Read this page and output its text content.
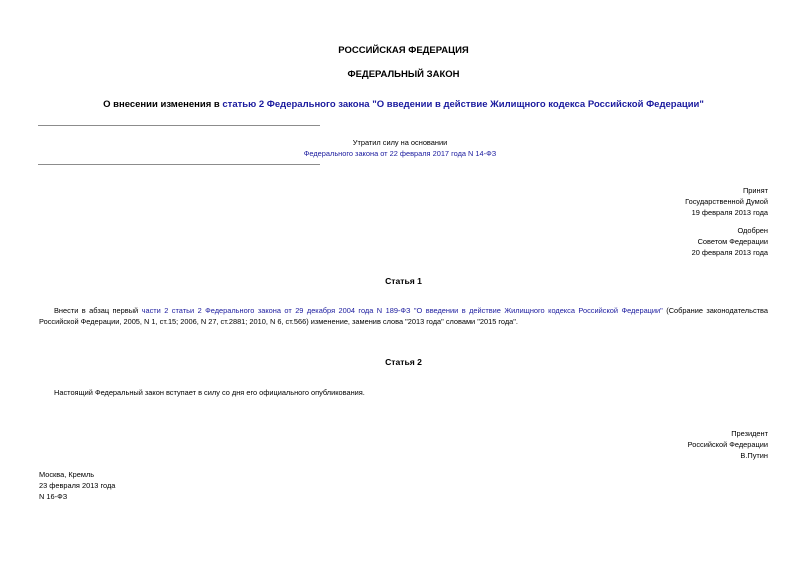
РОССИЙСКАЯ ФЕДЕРАЦИЯ
ФЕДЕРАЛЬНЫЙ ЗАКОН
О внесении изменения в статью 2 Федерального закона "О введении в действие Жилищного кодекса Российской Федерации"
Утратил силу на основании
Федерального закона от 22 февраля 2017 года N 14-ФЗ
Принят
Государственной Думой
19 февраля 2013 года
Одобрен
Советом Федерации
20 февраля 2013 года
Статья 1
Внести в абзац первый части 2 статьи 2 Федерального закона от 29 декабря 2004 года N 189-ФЗ "О введении в действие Жилищного кодекса Российской Федерации" (Собрание законодательства Российской Федерации, 2005, N 1, ст.15; 2006, N 27, ст.2881; 2010, N 6, ст.566) изменение, заменив слова "2013 года" словами "2015 года".
Статья 2
Настоящий Федеральный закон вступает в силу со дня его официального опубликования.
Президент
Российской Федерации
В.Путин
Москва, Кремль
23 февраля 2013 года
N 16-ФЗ
